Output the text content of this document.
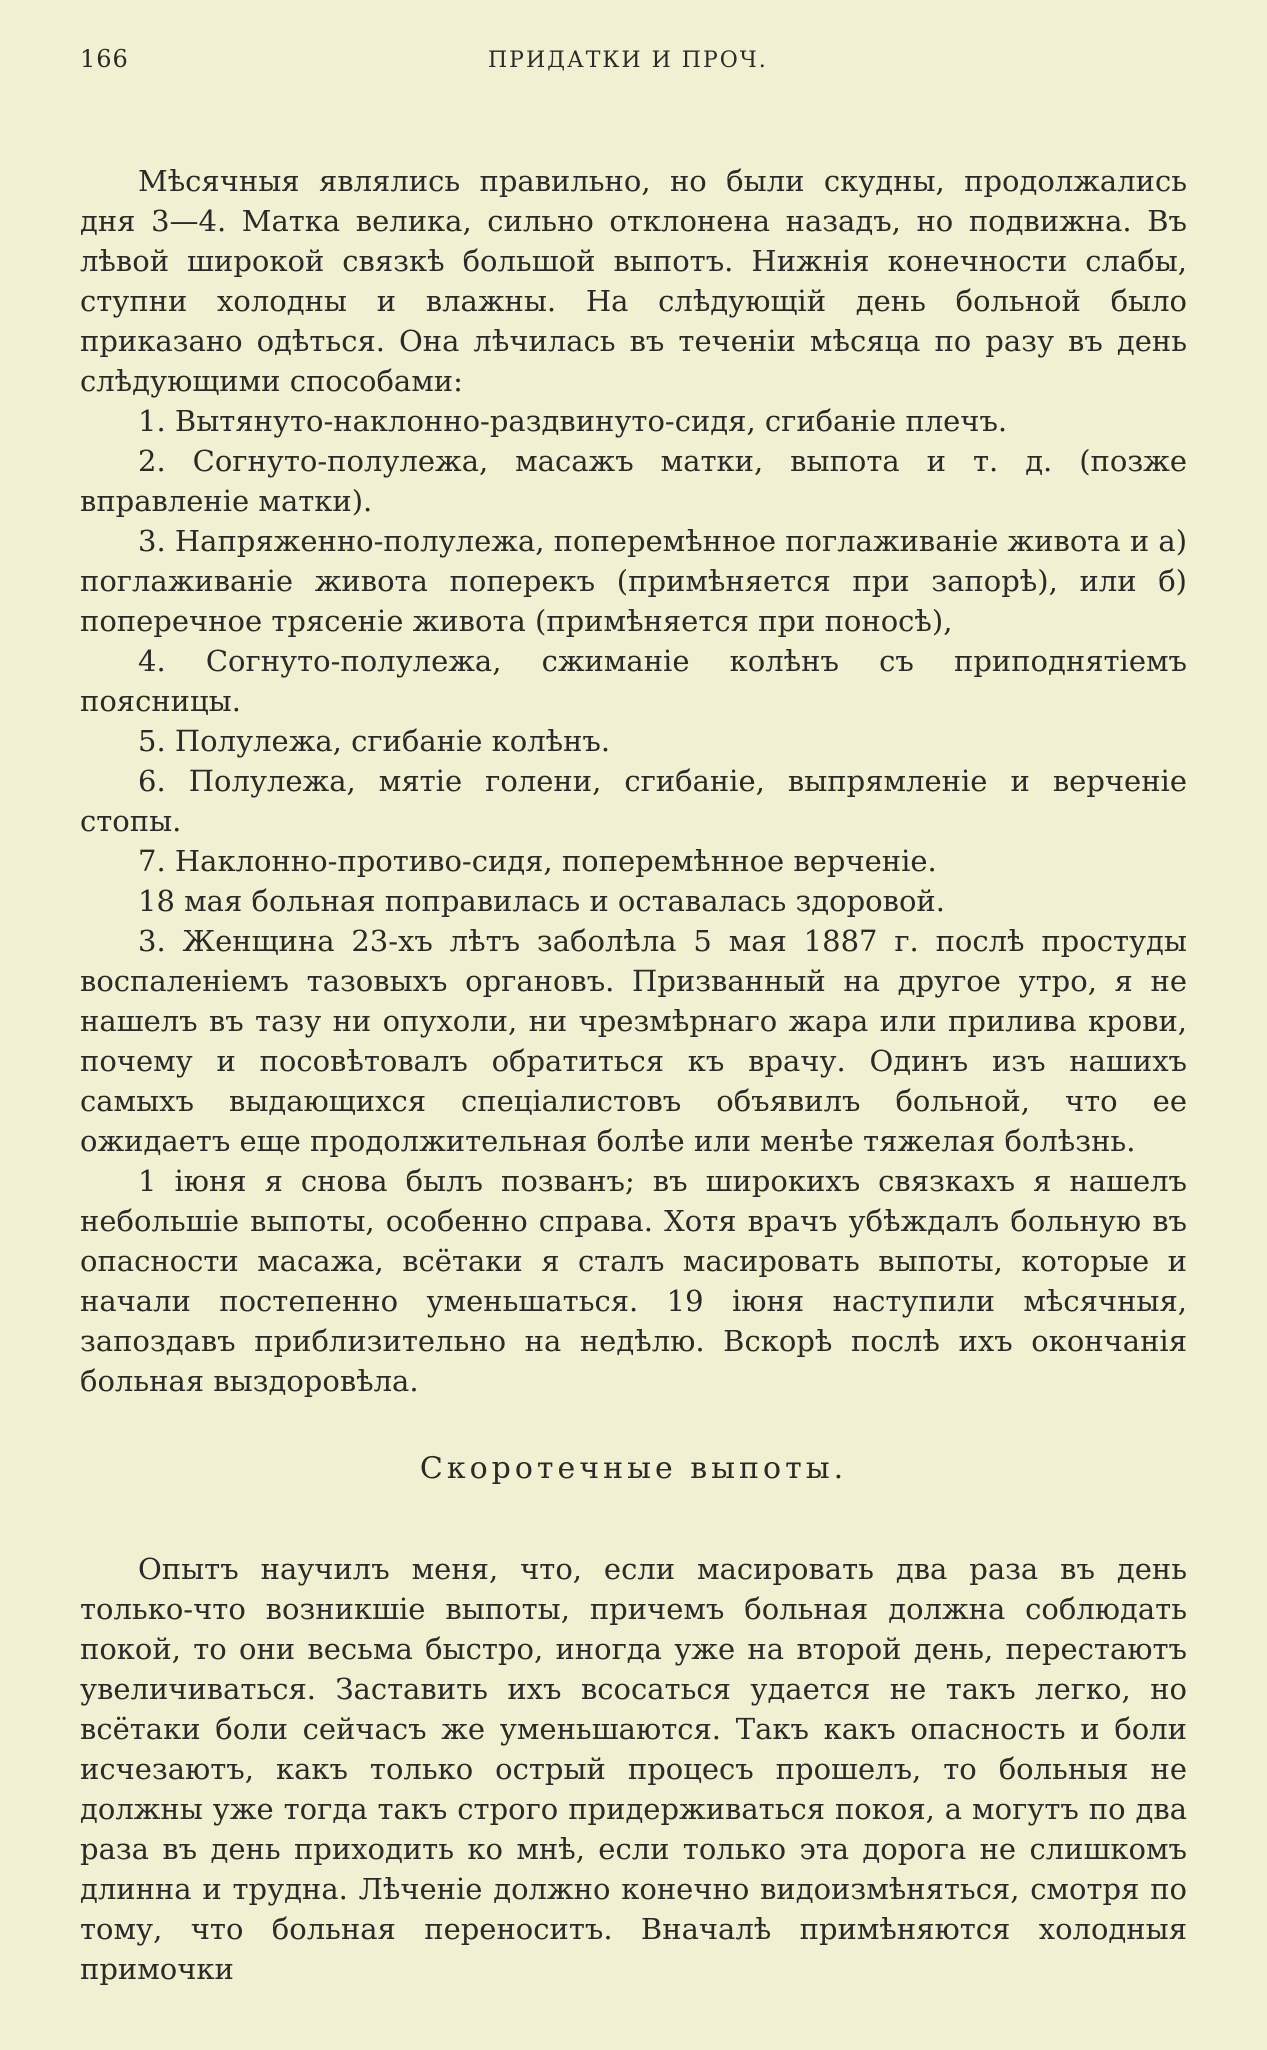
166	ПРИДАТКИ И ПРОЧ.

Мѣсячныя являлись правильно, но были скудны, продолжались дня 3—4. Матка велика, сильно отклонена назадъ, но подвижна. Въ лѣвой широкой связкѣ большой выпотъ. Нижнія конечности слабы, ступни холодны и влажны. На слѣдующій день больной было приказано одѣться. Она лѣчилась въ теченіи мѣсяца по разу въ день слѣдующими способами:

1. Вытянуто-наклонно-раздвинуто-сидя, сгибаніе плечъ.

2. Согнуто-полулежа, масажъ матки, выпота и т. д. (позже вправленіе матки).

3. Напряженно-полулежа, поперемѣнное поглаживаніе живота и а) поглаживаніе живота поперекъ (примѣняется при запорѣ), или б) поперечное трясеніе живота (примѣняется при поносѣ),

4. Согнуто-полулежа, сжиманіе колѣнъ съ приподнятіемъ поясницы.

5. Полулежа, сгибаніе колѣнъ.

6. Полулежа, мятіе голени, сгибаніе, выпрямленіе и верченіе стопы.

7. Наклонно-противо-сидя, поперемѣнное верченіе.

18 мая больная поправилась и оставалась здоровой.

3. Женщина 23-хъ лѣтъ заболѣла 5 мая 1887 г. послѣ простуды воспаленіемъ тазовыхъ органовъ. Призванный на другое утро, я не нашелъ въ тазу ни опухоли, ни чрезмѣрнаго жара или прилива крови, почему и посовѣтовалъ обратиться къ врачу. Одинъ изъ нашихъ самыхъ выдающихся спеціалистовъ объявилъ больной, что ее ожидаетъ еще продолжительная болѣе или менѣе тяжелая болѣзнь.

1 іюня я снова былъ позванъ; въ широкихъ связкахъ я нашелъ небольшіе выпоты, особенно справа. Хотя врачъ убѣждалъ больную въ опасности масажа, всётаки я сталъ масировать выпоты, которые и начали постепенно уменьшаться. 19 іюня наступили мѣсячныя, запоздавъ приблизительно на недѣлю. Вскорѣ послѣ ихъ окончанія больная выздоровѣла.

Скоротечные выпоты.

Опытъ научилъ меня, что, если масировать два раза въ день только-что возникшіе выпоты, причемъ больная должна соблюдать покой, то они весьма быстро, иногда уже на второй день, перестаютъ увеличиваться. Заставить ихъ всосаться удается не такъ легко, но всётаки боли сейчасъ же уменьшаются. Такъ какъ опасность и боли исчезаютъ, какъ только острый процесъ прошелъ, то больныя не должны уже тогда такъ строго придерживаться покоя, а могутъ по два раза въ день приходить ко мнѣ, если только эта дорога не слишкомъ длинна и трудна. Лѣченіе должно конечно видоизмѣняться, смотря по тому, что больная переноситъ. Вначалѣ примѣняются холодныя примочки
